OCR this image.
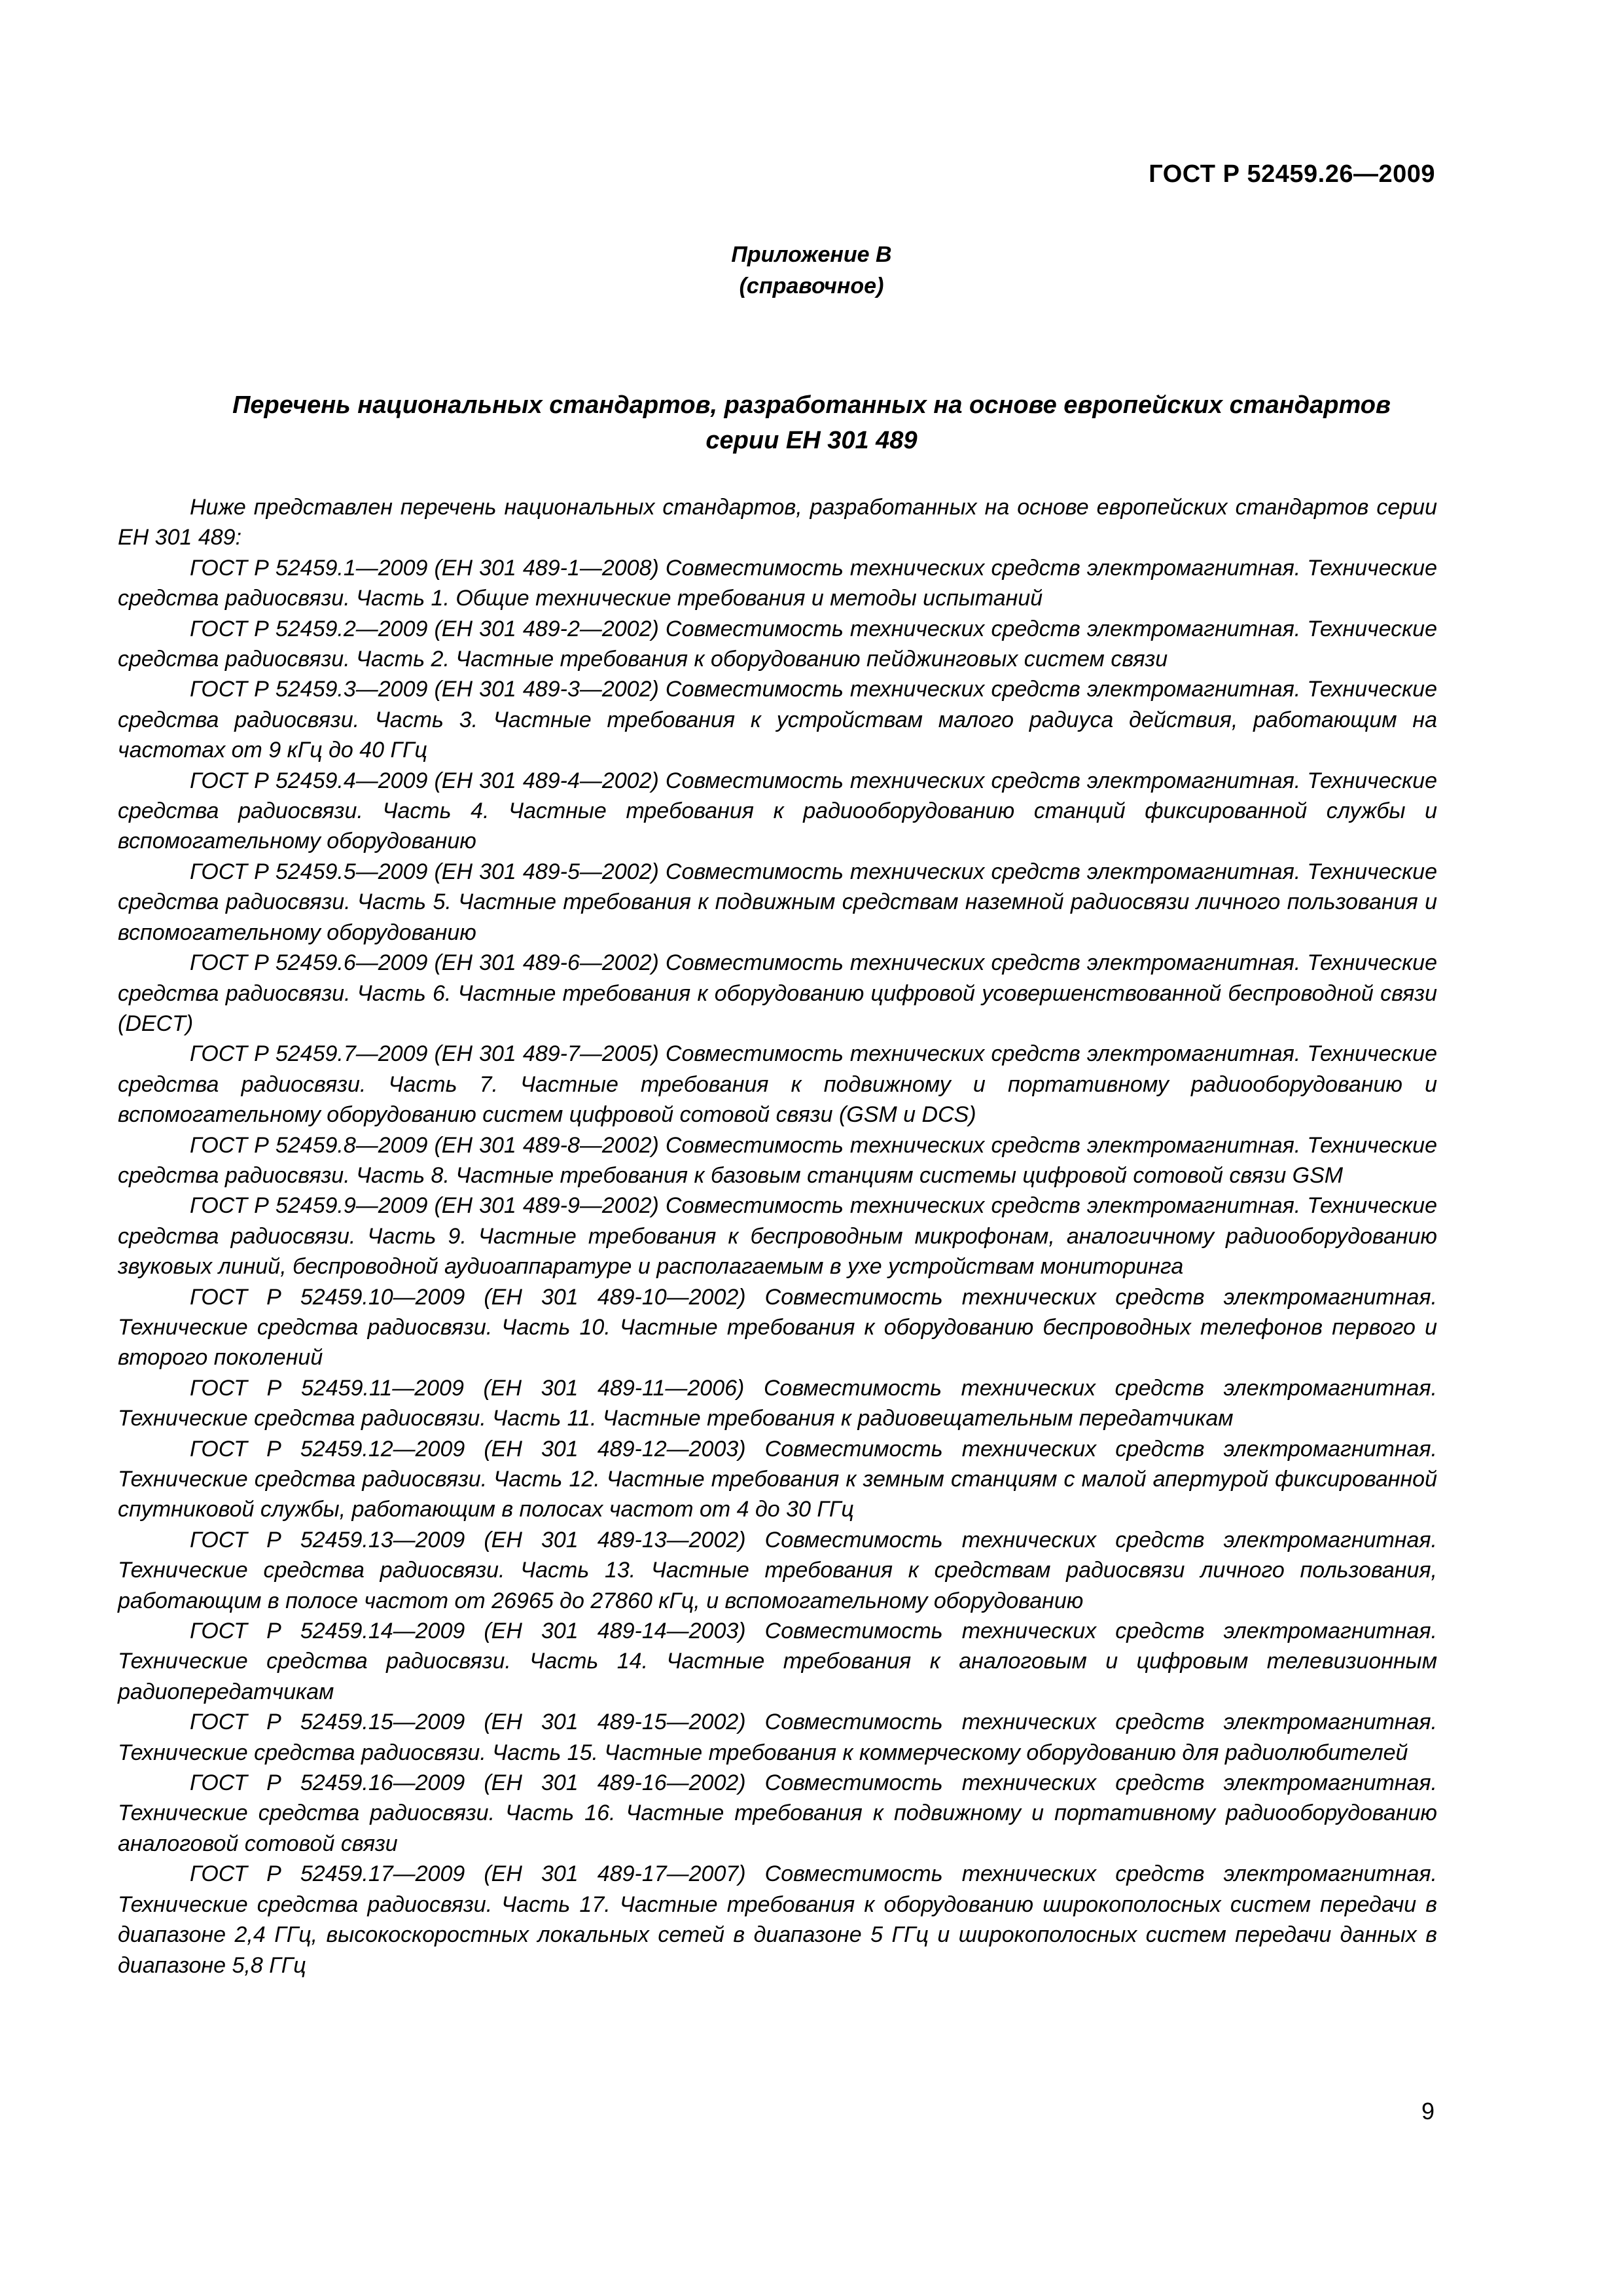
ГОСТ Р 52459.26—2009
Приложение В
(справочное)
Перечень национальных стандартов, разработанных на основе европейских стандартов
серии ЕН 301 489

Ниже представлен перечень национальных стандартов, разработанных на основе европейских стандартов серии ЕН 301 489:

ГОСТ Р 52459.1—2009 (ЕН 301 489-1—2008) Совместимость технических средств электромагнитная. Технические средства радиосвязи. Часть 1. Общие технические требования и методы испытаний

ГОСТ Р 52459.2—2009 (ЕН 301 489-2—2002) Совместимость технических средств электромагнитная. Технические средства радиосвязи. Часть 2. Частные требования к оборудованию пейджинговых систем связи

ГОСТ Р 52459.3—2009 (ЕН 301 489-3—2002) Совместимость технических средств электромагнитная. Технические средства радиосвязи. Часть 3. Частные требования к устройствам малого радиуса действия, работающим на частотах от 9 кГц до 40 ГГц

ГОСТ Р 52459.4—2009 (ЕН 301 489-4—2002) Совместимость технических средств электромагнитная. Технические средства радиосвязи. Часть 4. Частные требования к радиооборудованию станций фиксированной службы и вспомогательному оборудованию

ГОСТ Р 52459.5—2009 (ЕН 301 489-5—2002) Совместимость технических средств электромагнитная. Технические средства радиосвязи. Часть 5. Частные требования к подвижным средствам наземной радиосвязи личного пользования и вспомогательному оборудованию

ГОСТ Р 52459.6—2009 (ЕН 301 489-6—2002) Совместимость технических средств электромагнитная. Технические средства радиосвязи. Часть 6. Частные требования к оборудованию цифровой усовершенствованной беспроводной связи (DECT)

ГОСТ Р 52459.7—2009 (ЕН 301 489-7—2005) Совместимость технических средств электромагнитная. Технические средства радиосвязи. Часть 7. Частные требования к подвижному и портативному радиооборудованию и вспомогательному оборудованию систем цифровой сотовой связи (GSM и DCS)

ГОСТ Р 52459.8—2009 (ЕН 301 489-8—2002) Совместимость технических средств электромагнитная. Технические средства радиосвязи. Часть 8. Частные требования к базовым станциям системы цифровой сотовой связи GSM

ГОСТ Р 52459.9—2009 (ЕН 301 489-9—2002) Совместимость технических средств электромагнитная. Технические средства радиосвязи. Часть 9. Частные требования к беспроводным микрофонам, аналогичному радиооборудованию звуковых линий, беспроводной аудиоаппаратуре и располагаемым в ухе устройствам мониторинга

ГОСТ Р 52459.10—2009 (ЕН 301 489-10—2002) Совместимость технических средств электромагнитная. Технические средства радиосвязи. Часть 10. Частные требования к оборудованию беспроводных телефонов первого и второго поколений

ГОСТ Р 52459.11—2009 (ЕН 301 489-11—2006) Совместимость технических средств электромагнитная. Технические средства радиосвязи. Часть 11. Частные требования к радиовещательным передатчикам

ГОСТ Р 52459.12—2009 (ЕН 301 489-12—2003) Совместимость технических средств электромагнитная. Технические средства радиосвязи. Часть 12. Частные требования к земным станциям с малой апертурой фиксированной спутниковой службы, работающим в полосах частот от 4 до 30 ГГц

ГОСТ Р 52459.13—2009 (ЕН 301 489-13—2002) Совместимость технических средств электромагнитная. Технические средства радиосвязи. Часть 13. Частные требования к средствам радиосвязи личного пользования, работающим в полосе частот от 26965 до 27860 кГц, и вспомогательному оборудованию

ГОСТ Р 52459.14—2009 (ЕН 301 489-14—2003) Совместимость технических средств электромагнитная. Технические средства радиосвязи. Часть 14. Частные требования к аналоговым и цифровым телевизионным радиопередатчикам

ГОСТ Р 52459.15—2009 (ЕН 301 489-15—2002) Совместимость технических средств электромагнитная. Технические средства радиосвязи. Часть 15. Частные требования к коммерческому оборудованию для радиолюбителей

ГОСТ Р 52459.16—2009 (ЕН 301 489-16—2002) Совместимость технических средств электромагнитная. Технические средства радиосвязи. Часть 16. Частные требования к подвижному и портативному радиооборудованию аналоговой сотовой связи

ГОСТ Р 52459.17—2009 (ЕН 301 489-17—2007) Совместимость технических средств электромагнитная. Технические средства радиосвязи. Часть 17. Частные требования к оборудованию широкополосных систем передачи в диапазоне 2,4 ГГц, высокоскоростных локальных сетей в диапазоне 5 ГГц и широкополосных систем передачи данных в диапазоне 5,8 ГГц

9
